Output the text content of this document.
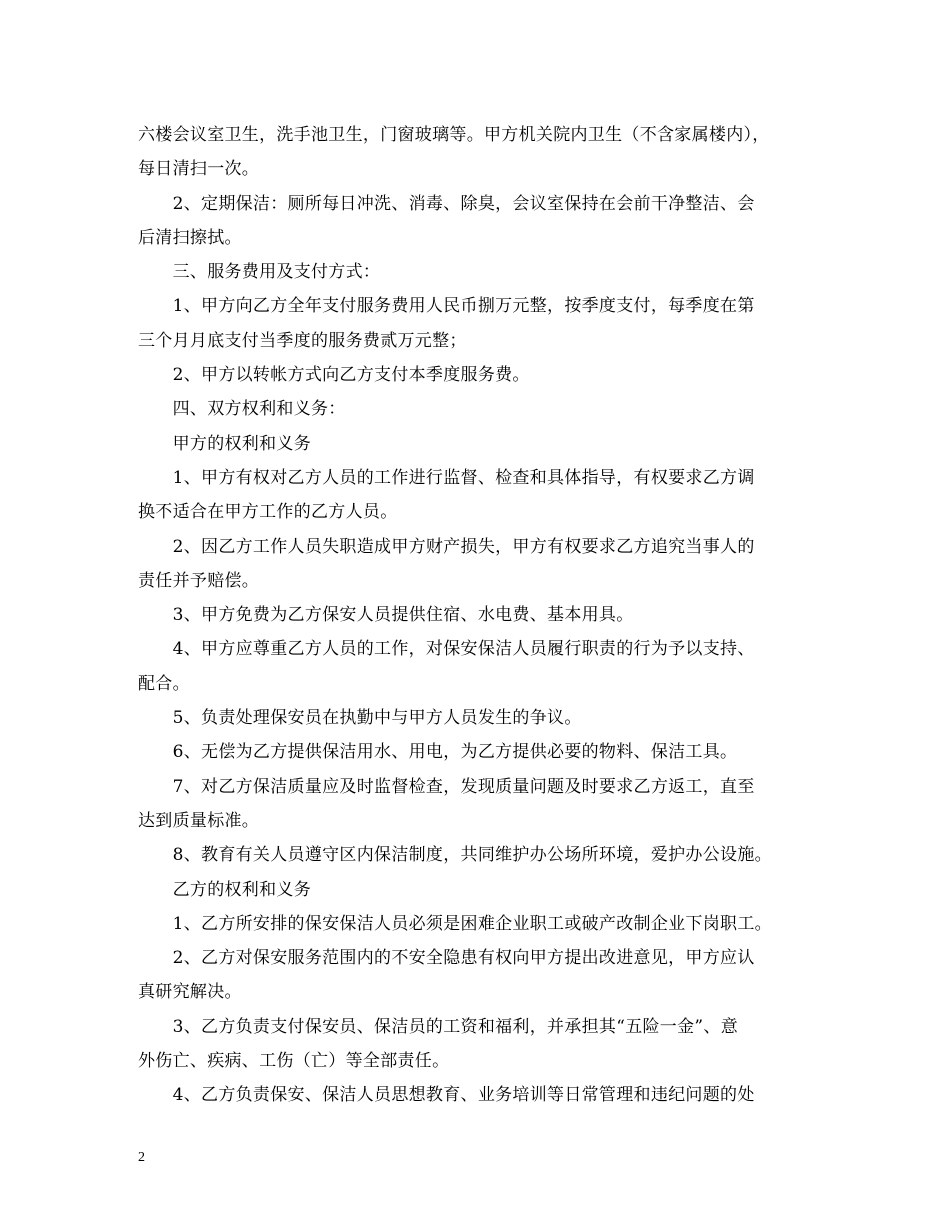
六楼会议室卫生，洗手池卫生，门窗玻璃等。甲方机关院内卫生（不含家属楼内），
每日清扫一次。
　　2、定期保洁：厕所每日冲洗、消毒、除臭，会议室保持在会前干净整洁、会
后清扫擦拭。
　　三、服务费用及支付方式：
　　1、甲方向乙方全年支付服务费用人民币捌万元整，按季度支付，每季度在第
三个月月底支付当季度的服务费贰万元整；
　　2、甲方以转帐方式向乙方支付本季度服务费。
　　四、双方权利和义务：
　　甲方的权利和义务
　　1、甲方有权对乙方人员的工作进行监督、检查和具体指导，有权要求乙方调
换不适合在甲方工作的乙方人员。
　　2、因乙方工作人员失职造成甲方财产损失，甲方有权要求乙方追究当事人的
责任并予赔偿。
　　3、甲方免费为乙方保安人员提供住宿、水电费、基本用具。
　　4、甲方应尊重乙方人员的工作，对保安保洁人员履行职责的行为予以支持、
配合。
　　5、负责处理保安员在执勤中与甲方人员发生的争议。
　　6、无偿为乙方提供保洁用水、用电，为乙方提供必要的物料、保洁工具。
　　7、对乙方保洁质量应及时监督检查，发现质量问题及时要求乙方返工，直至
达到质量标准。
　　8、教育有关人员遵守区内保洁制度，共同维护办公场所环境，爱护办公设施。
　　乙方的权利和义务
　　1、乙方所安排的保安保洁人员必须是困难企业职工或破产改制企业下岗职工。
　　2、乙方对保安服务范围内的不安全隐患有权向甲方提出改进意见，甲方应认
真研究解决。
　　3、乙方负责支付保安员、保洁员的工资和福利，并承担其“五险一金”、意
外伤亡、疾病、工伤（亡）等全部责任。
　　4、乙方负责保安、保洁人员思想教育、业务培训等日常管理和违纪问题的处
2
